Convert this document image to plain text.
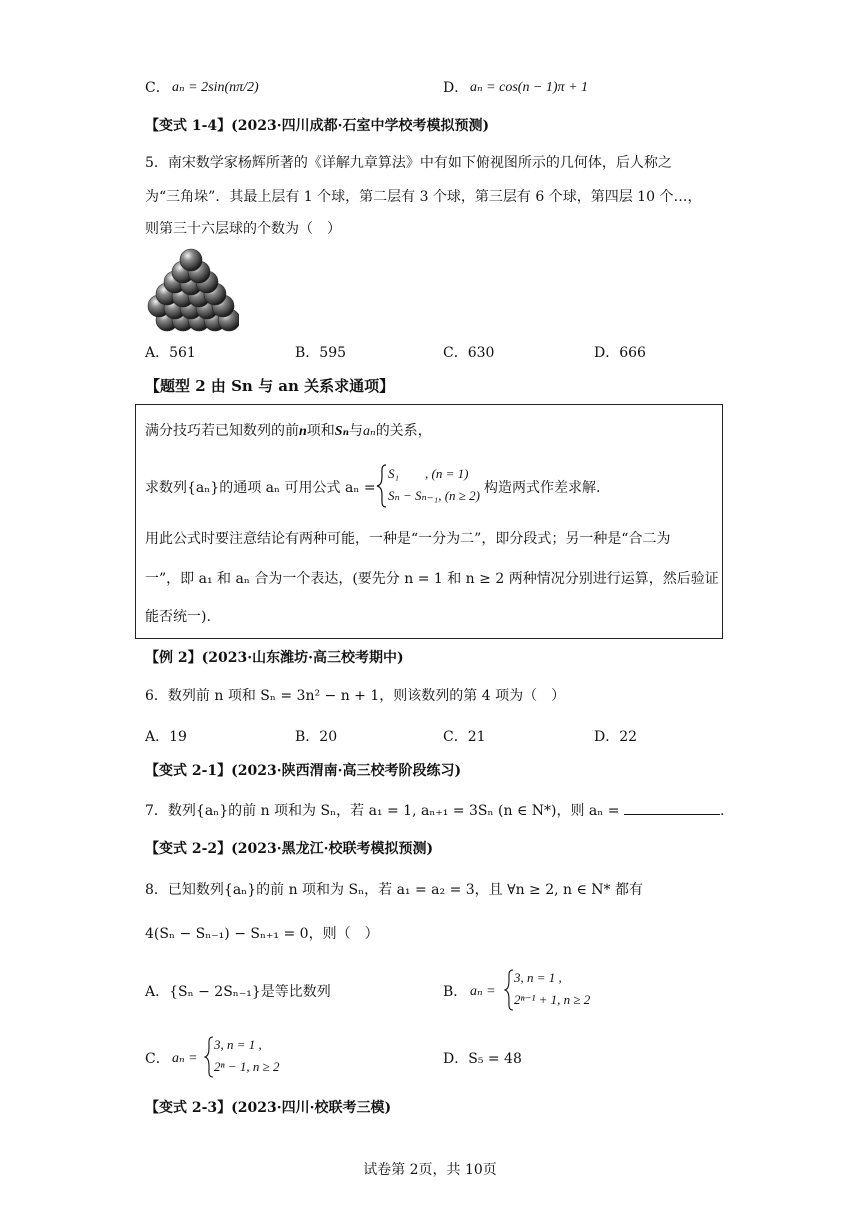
C． aₙ = 2sin(nπ/2)	D． aₙ = cos(n − 1)π + 1
【变式 1-4】(2023·四川成都·石室中学校考模拟预测)
5．南宋数学家杨辉所著的《详解九章算法》中有如下俯视图所示的几何体，后人称之
为“三角垛”．其最上层有 1 个球，第二层有 3 个球，第三层有 6 个球，第四层 10 个…，
则第三十六层球的个数为（　）
A．561	B．595	C．630	D．666
【题型 2 由 Sn 与 an 关系求通项】
满分技巧若已知数列的前n项和Sₙ与aₙ的关系，
求数列{aₙ}的通项 aₙ 可用公式 aₙ =
S₁　　, (n = 1)
Sₙ − Sₙ₋₁, (n ≥ 2) 构造两式作差求解.
用此公式时要注意结论有两种可能，一种是“一分为二”，即分段式；另一种是“合二为
一”，即 a₁ 和 aₙ 合为一个表达，(要先分 n = 1 和 n ≥ 2 两种情况分别进行运算，然后验证
能否统一).
【例 2】(2023·山东潍坊·高三校考期中)
6．数列前 n 项和 Sₙ = 3n² − n + 1，则该数列的第 4 项为（　）
A．19	B．20	C．21	D．22
【变式 2-1】(2023·陕西渭南·高三校考阶段练习)
7．数列{aₙ}的前 n 项和为 Sₙ，若 a₁ = 1, aₙ₊₁ = 3Sₙ (n ∈ N*)，则 aₙ =	.
【变式 2-2】(2023·黑龙江·校联考模拟预测)
8．已知数列{aₙ}的前 n 项和为 Sₙ，若 a₁ = a₂ = 3，且 ∀n ≥ 2, n ∈ N* 都有
4(Sₙ − Sₙ₋₁) − Sₙ₊₁ = 0，则（　）
A．{Sₙ − 2Sₙ₋₁}是等比数列	B． aₙ =
3, n = 1 ,
2ⁿ⁻¹ + 1, n ≥ 2
C． aₙ =
3, n = 1 ,
2ⁿ − 1, n ≥ 2	D．S₅ = 48
【变式 2-3】(2023·四川·校联考三模)
试卷第 2页，共 10页
